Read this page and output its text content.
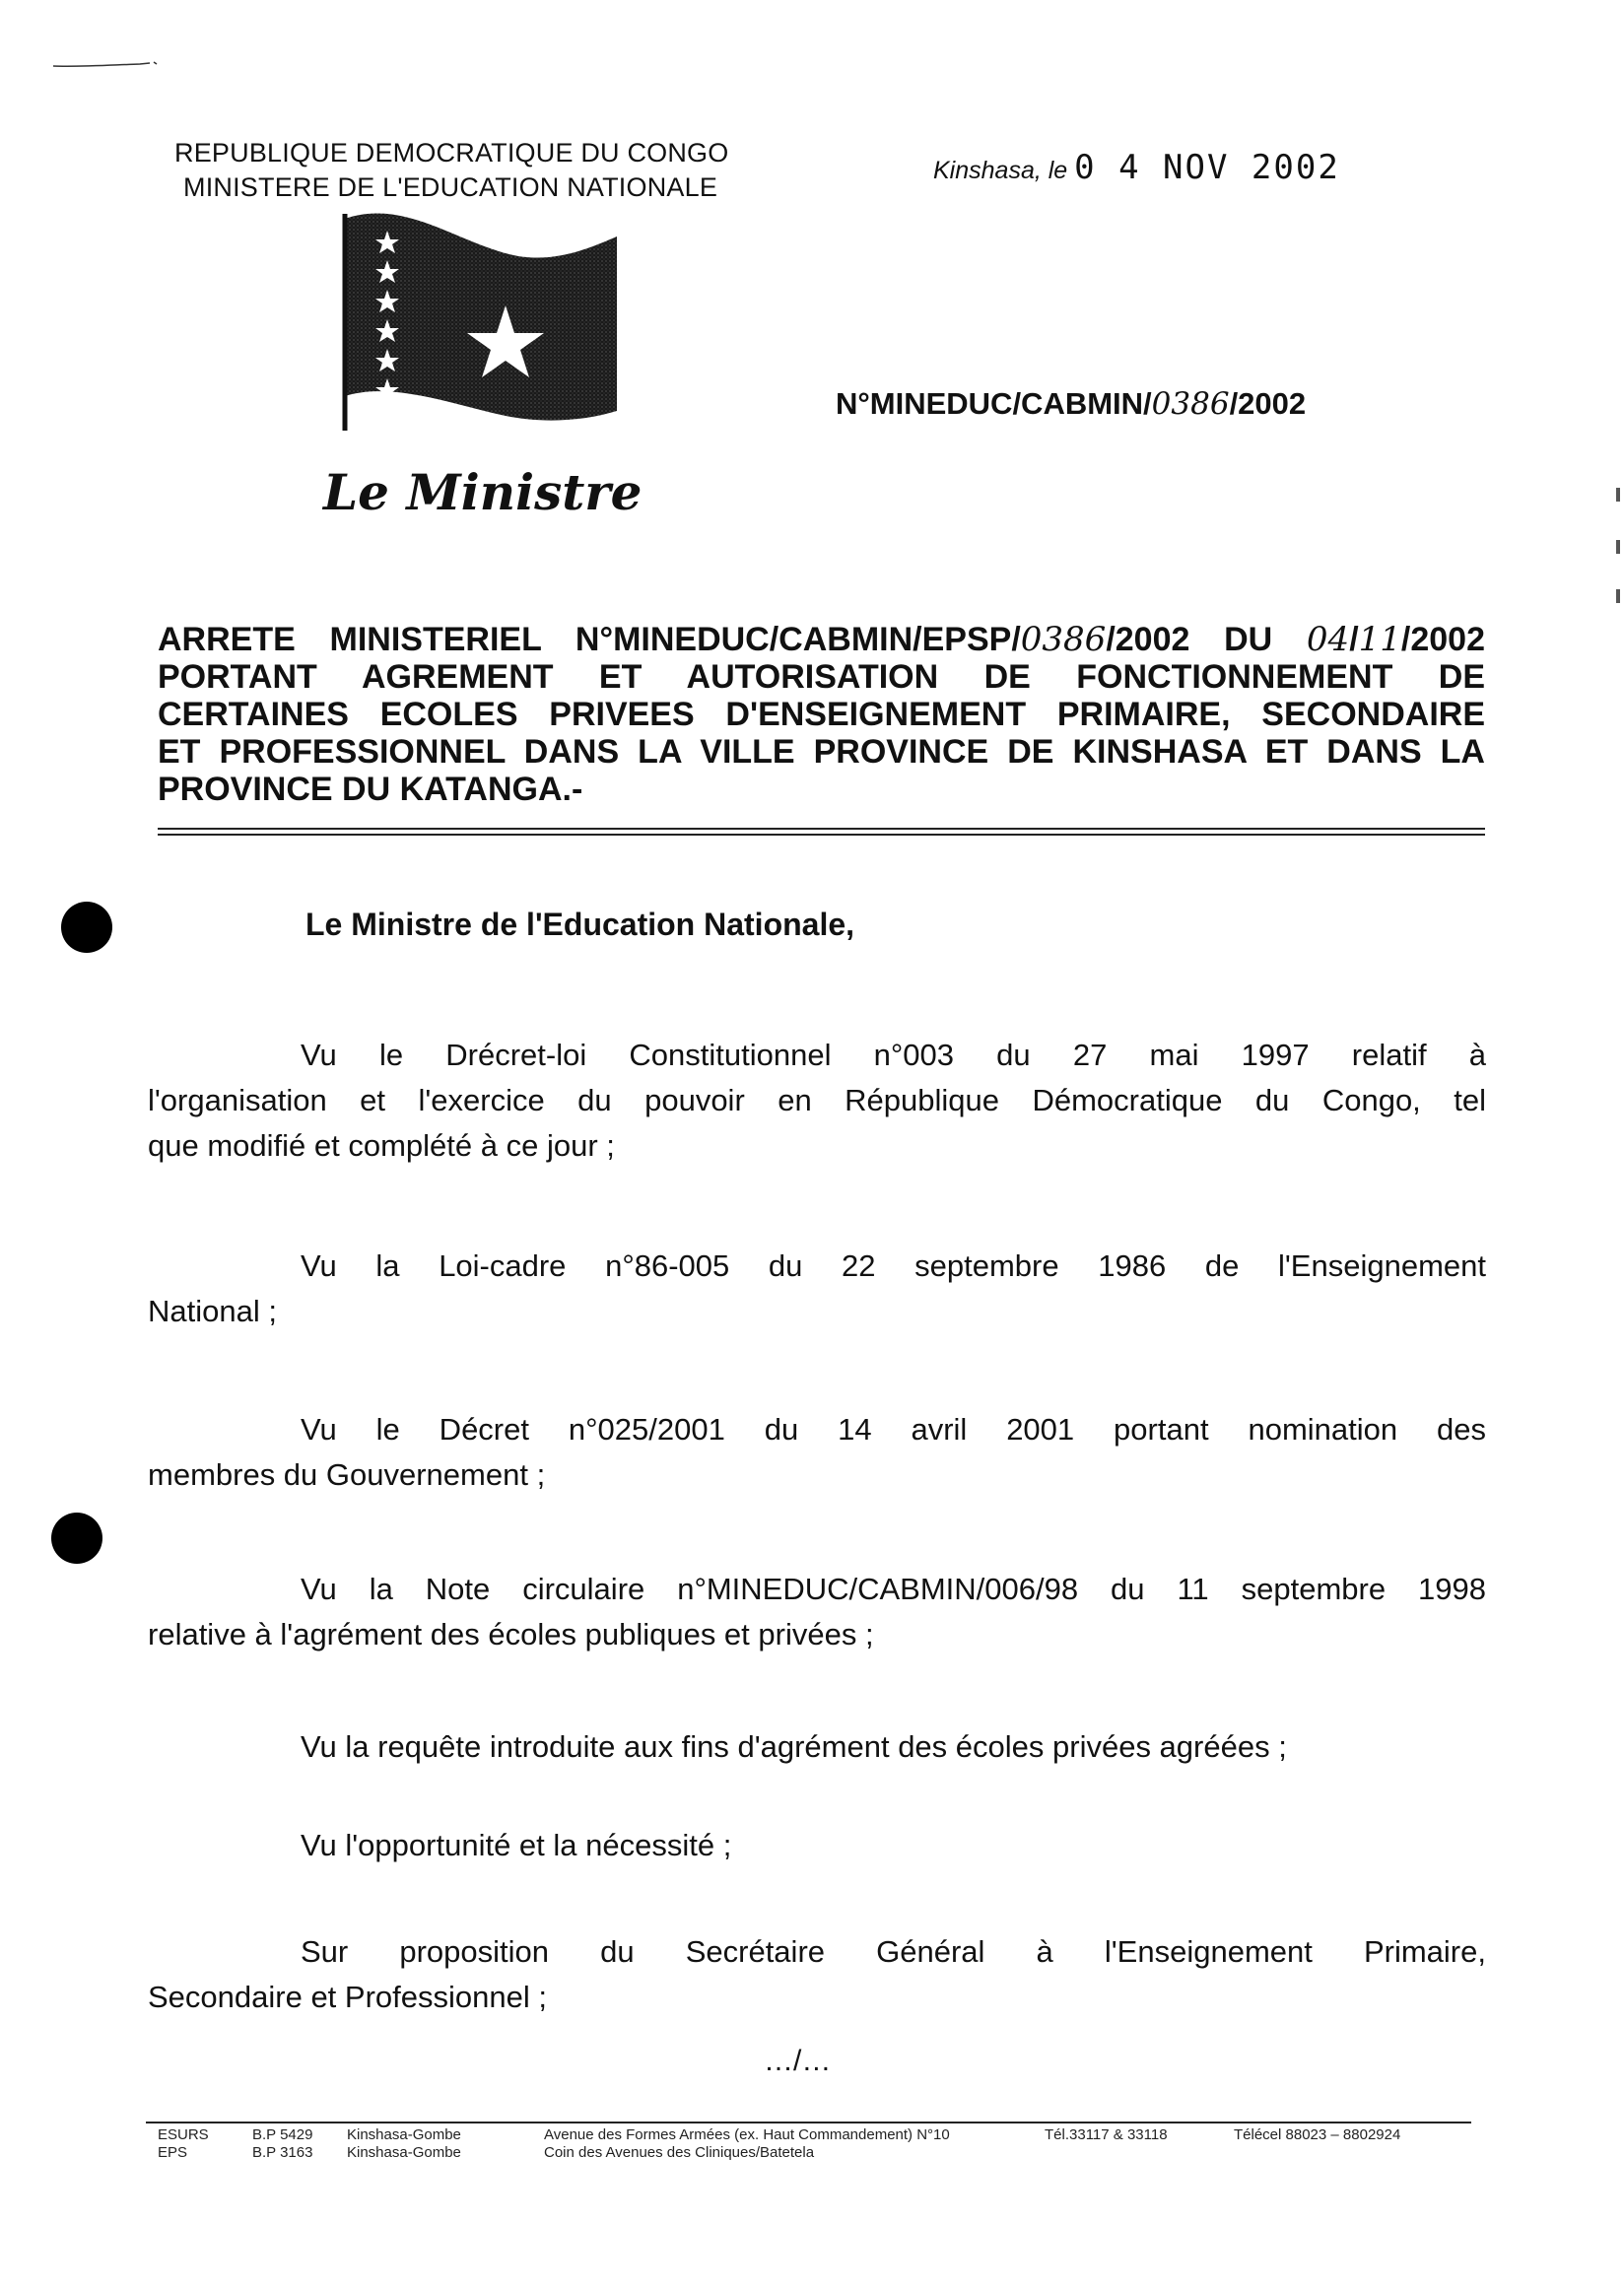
REPUBLIQUE DEMOCRATIQUE DU CONGO
MINISTERE DE L'EDUCATION NATIONALE
Kinshasa, le 0 4 NOV 2002
Le Ministre
N°MINEDUC/CABMIN/0386/2002
ARRETE MINISTERIEL N°MINEDUC/CABMIN/EPSP/0386/2002 DU 04/11/2002
PORTANT AGREMENT ET AUTORISATION DE FONCTIONNEMENT DE
CERTAINES ECOLES PRIVEES D'ENSEIGNEMENT PRIMAIRE, SECONDAIRE
ET PROFESSIONNEL DANS LA VILLE PROVINCE DE KINSHASA ET DANS LA
PROVINCE DU KATANGA.-
Le Ministre de l'Education Nationale,
Vu le Drécret-loi Constitutionnel n°003 du 27 mai 1997 relatif à
l'organisation et l'exercice du pouvoir en République Démocratique du Congo, tel
que modifié et complété à ce jour ;
Vu la Loi-cadre n°86-005 du 22 septembre 1986 de l'Enseignement
National ;
Vu le Décret n°025/2001 du 14 avril 2001 portant nomination des
membres du Gouvernement ;
Vu la Note circulaire n°MINEDUC/CABMIN/006/98 du 11 septembre 1998
relative à l'agrément des écoles publiques et privées ;
Vu la requête introduite aux fins d'agrément des écoles privées agréées ;
Vu l'opportunité et la nécessité ;
Sur proposition du Secrétaire Général à l'Enseignement Primaire,
Secondaire et Professionnel ;
…/…
ESURS
EPS
B.P 5429
B.P 3163
Kinshasa-Gombe
Kinshasa-Gombe
Avenue des Formes Armées (ex. Haut Commandement) N°10
Coin des Avenues des Cliniques/Batetela
Tél.33117 & 33118	Télécel 88023 – 8802924
